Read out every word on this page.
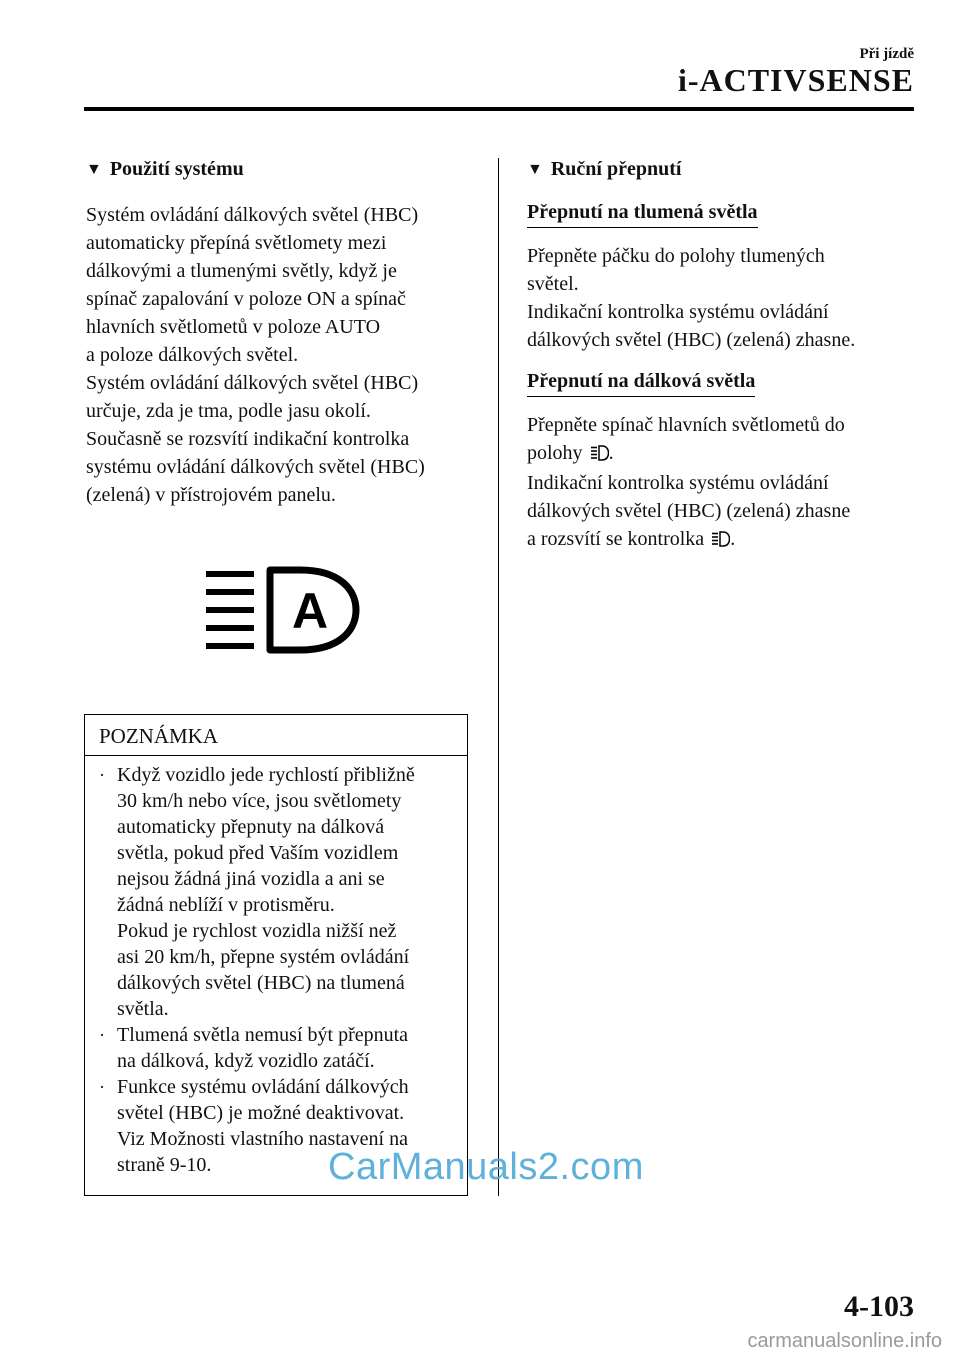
Při jízdě
i-ACTIVSENSE
▼ Použití systému

Systém ovládání dálkových světel (HBC)

automaticky přepíná světlomety mezi

dálkovými a tlumenými světly, když je

spínač zapalování v poloze ON a spínač

hlavních světlometů v poloze AUTO

a poloze dálkových světel.

Systém ovládání dálkových světel (HBC)

určuje, zda je tma, podle jasu okolí.

Současně se rozsvítí indikační kontrolka

systému ovládání dálkových světel (HBC)

(zelená) v přístrojovém panelu.

A
POZNÁMKA
· Když vozidlo jede rychlostí přibližně

30 km/h nebo více, jsou světlomety

automaticky přepnuty na dálková

světla, pokud před Vaším vozidlem

nejsou žádná jiná vozidla a ani se

žádná neblíží v protisměru.

Pokud je rychlost vozidla nižší než

asi 20 km/h, přepne systém ovládání

dálkových světel (HBC) na tlumená

světla.

· Tlumená světla nemusí být přepnuta

na dálková, když vozidlo zatáčí.

· Funkce systému ovládání dálkových

světel (HBC) je možné deaktivovat.

Viz Možnosti vlastního nastavení na

straně 9-10.

▼ Ruční přepnutí
Přepnutí na tlumená světla

Přepněte páčku do polohy tlumených

světel.

Indikační kontrolka systému ovládání

dálkových světel (HBC) (zelená) zhasne.

Přepnutí na dálková světla

Přepněte spínač hlavních světlometů do

polohy .

Indikační kontrolka systému ovládání

dálkových světel (HBC) (zelená) zhasne

a rozsvítí se kontrolka .

CarManuals2.com
4-103
carmanualsonline.info
